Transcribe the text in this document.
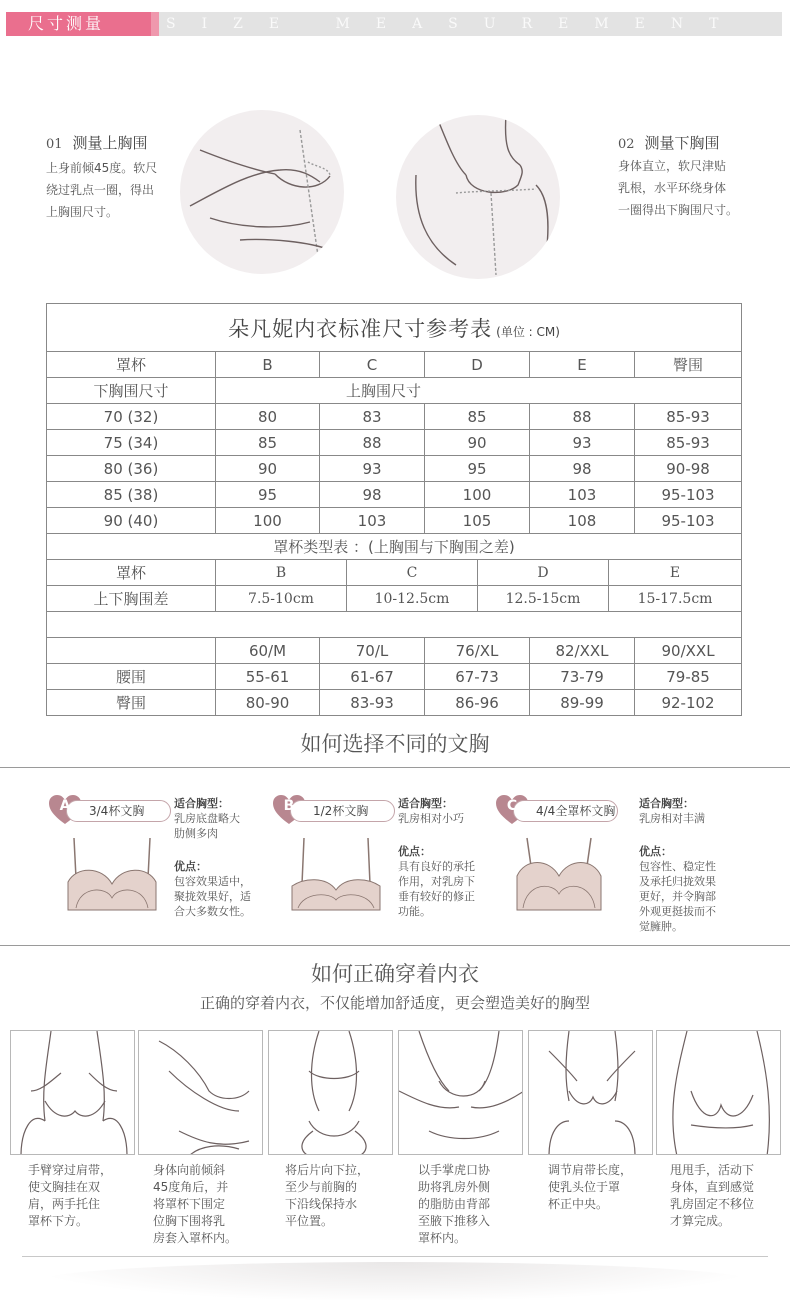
尺寸测量	SIZE MEASUREMENT
01 测量上胸围
上身前倾45度。软尺
绕过乳点一圈，得出
上胸围尺寸。
02 测量下胸围
身体直立，软尺津贴
乳根，水平环绕身体
一圈得出下胸围尺寸。
朵凡妮内衣标准尺寸参考表 (单位 : CM)								
罩杯	B	C		D		E		臀围
下胸围尺寸	上胸围尺寸							
70 (32)	80	83		85		88		85-93
75 (34)	85	88		90		93		85-93
80 (36)	90	93		95		98		90-98
85 (38)	95	98		100		103		95-103
90 (40)	100	103		105		108		95-103
罩杯类型表 ：(上胸围与下胸围之差)								
罩杯	B		C		D		E	
上下胸围差	7.5-10cm		10-12.5cm		12.5-15cm		15-17.5cm	

	60/M	70/L		76/XL		82/XXL		90/XXL
腰围	55-61	61-67		67-73		73-79		79-85
臀围	80-90	83-93		86-96		89-99		92-102
如何选择不同的文胸
3/4杯文胸
A	适合胸型：
乳房底盘略大
肋侧多肉
优点：
包容效果适中，
聚拢效果好，适
合大多数女性。
1/2杯文胸
B	适合胸型：
乳房相对小巧
优点：
具有良好的承托
作用，对乳房下
垂有较好的修正
功能。
4/4全罩杯文胸
C	适合胸型：
乳房相对丰满
优点：
包容性、稳定性
及承托归拢效果
更好，并令胸部
外观更挺拔而不
觉臃肿。
如何正确穿着内衣
正确的穿着内衣，不仅能增加舒适度，更会塑造美好的胸型
手臂穿过肩带，
使文胸挂在双
肩，两手托住
罩杯下方。
身体向前倾斜
45度角后，并
将罩杯下围定
位胸下围将乳
房套入罩杯内。
将后片向下拉，
至少与前胸的
下沿线保持水
平位置。
以手掌虎口协
助将乳房外侧
的脂肪由背部
至腋下推移入
罩杯内。
调节肩带长度，
使乳头位于罩
杯正中央。
甩甩手，活动下
身体，直到感觉
乳房固定不移位
才算完成。
